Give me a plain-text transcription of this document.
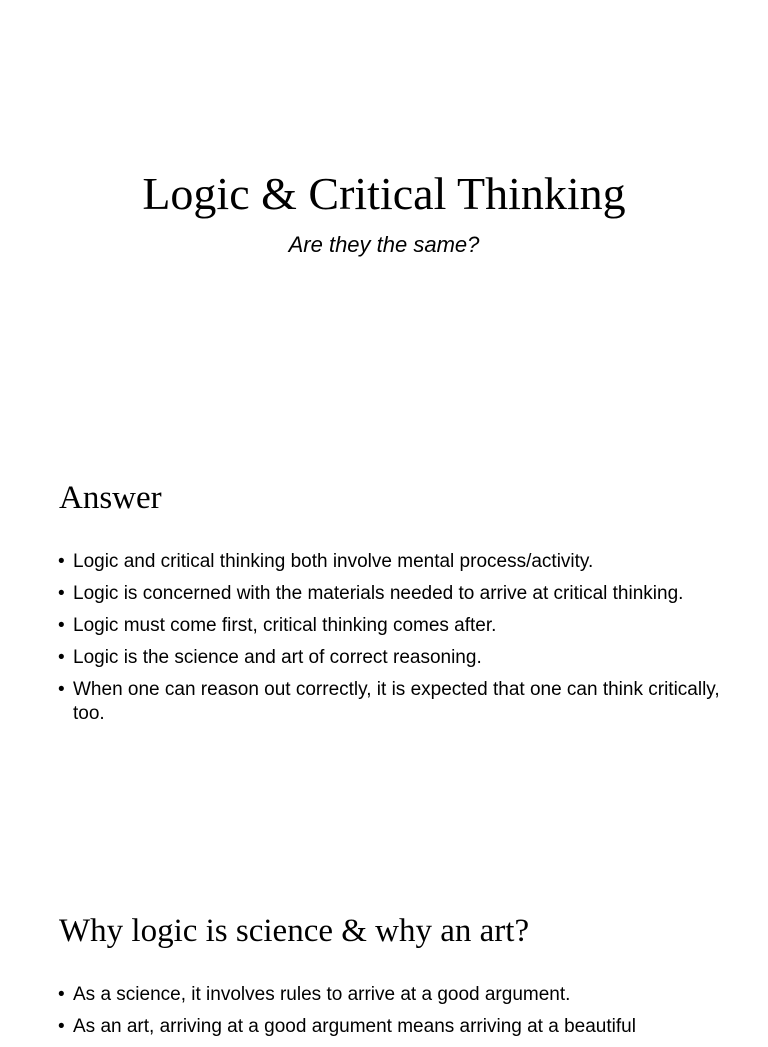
Logic & Critical Thinking

Are they the same?

Answer
• Logic and critical thinking both involve mental process/activity.
• Logic is concerned with the materials needed to arrive at critical thinking.
• Logic must come first, critical thinking comes after.
• Logic is the science and art of correct reasoning.
• When one can reason out correctly, it is expected that one can think critically, too.
Why logic is science & why an art?
• As a science, it involves rules to arrive at a good argument.
• As an art, arriving at a good argument means arriving at a beautiful
